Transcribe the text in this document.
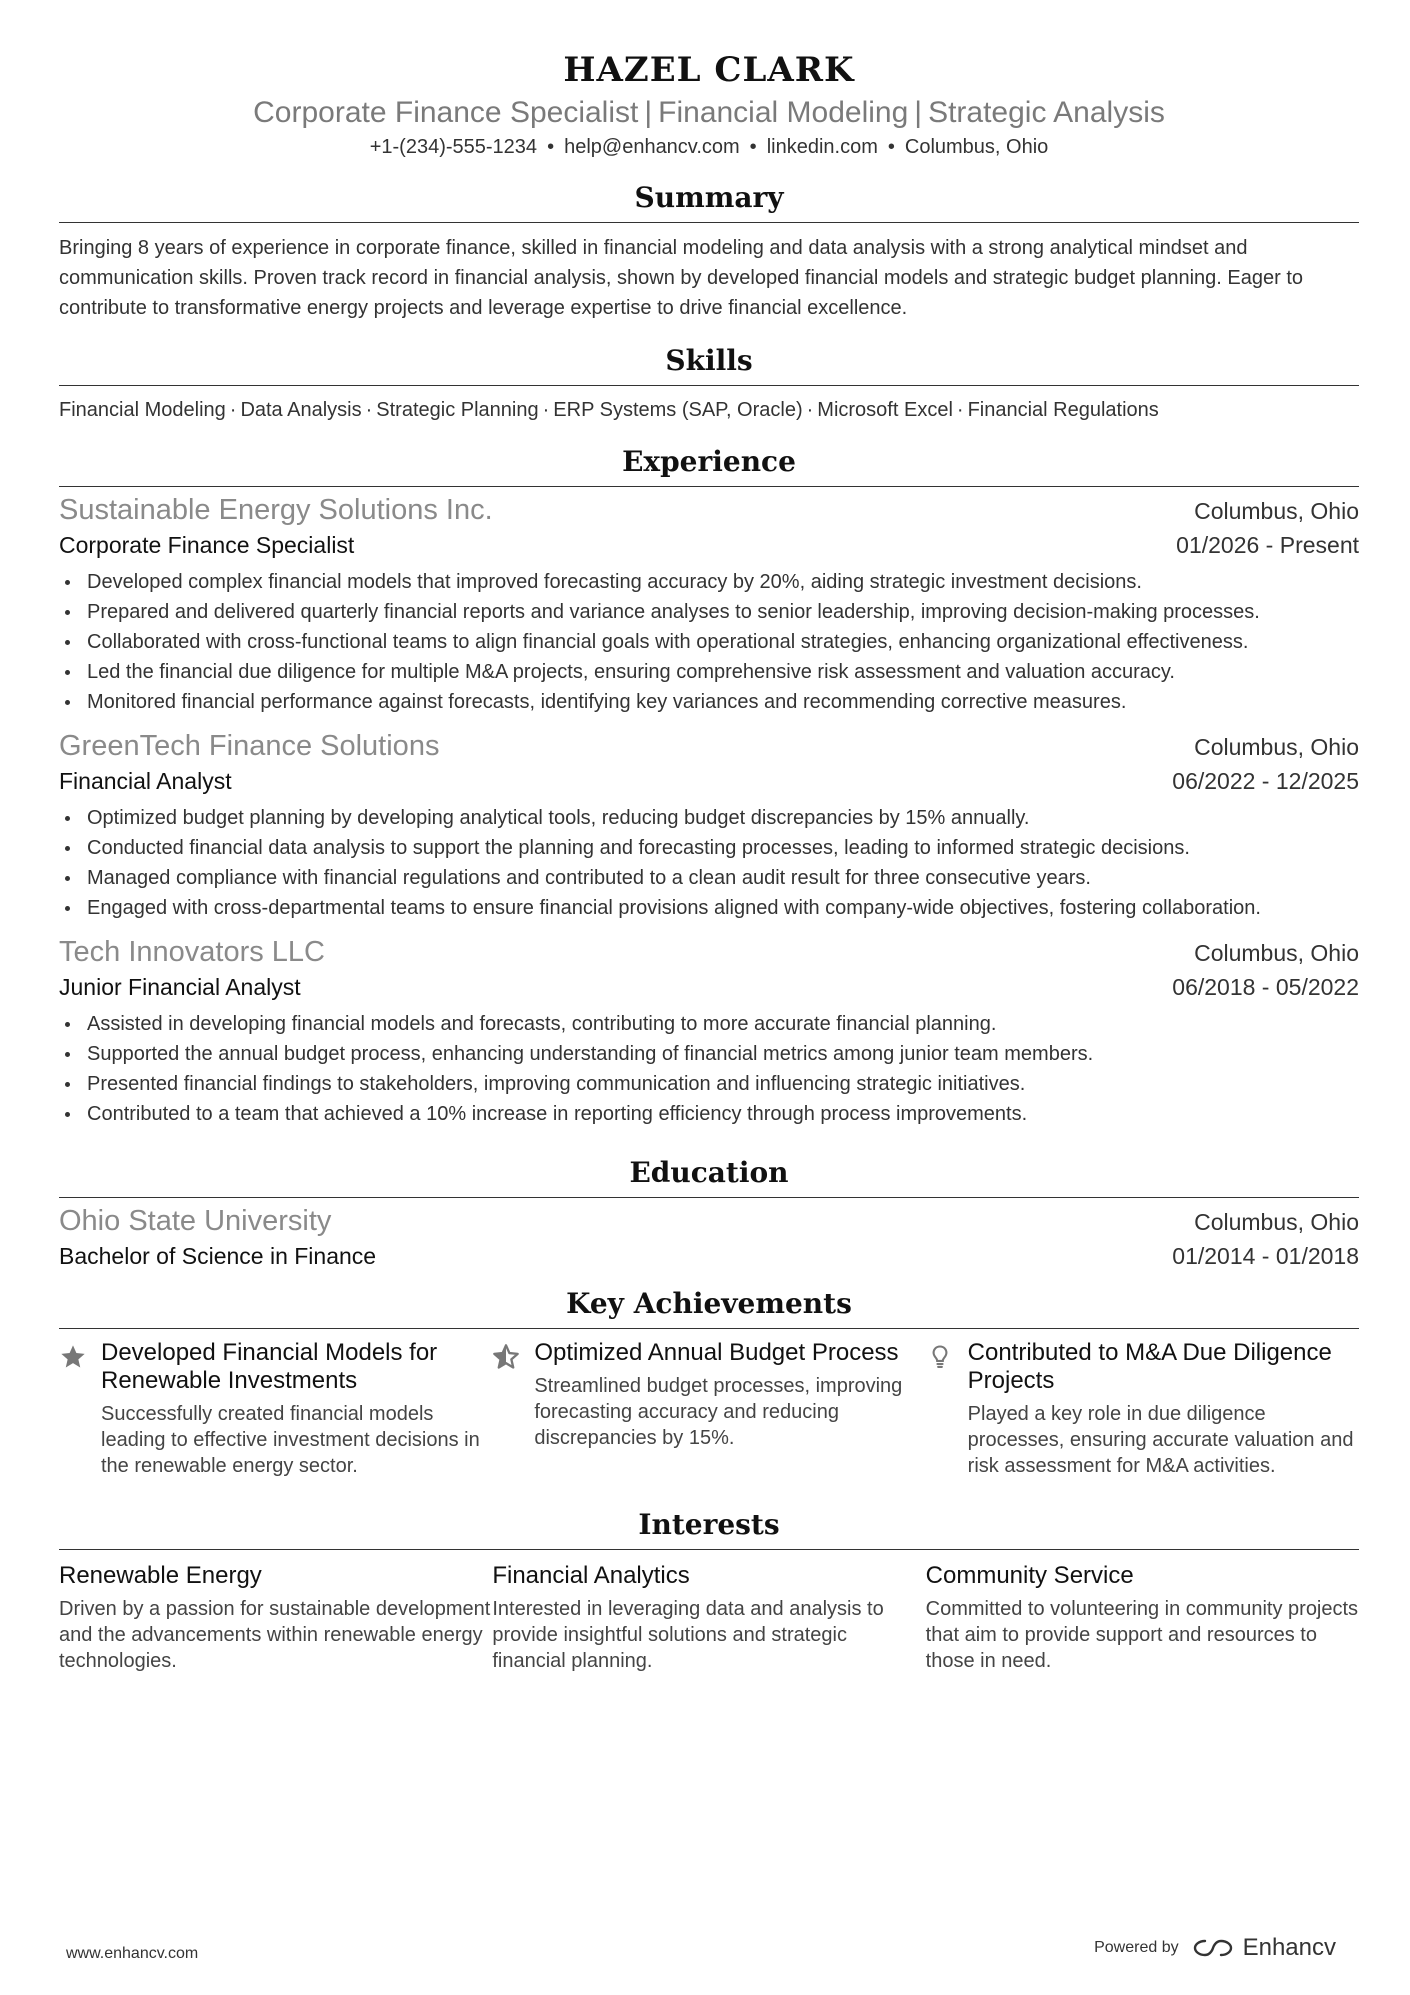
HAZEL CLARK
Corporate Finance Specialist | Financial Modeling | Strategic Analysis
+1-(234)-555-1234 • help@enhancv.com • linkedin.com • Columbus, Ohio
Summary
Bringing 8 years of experience in corporate finance, skilled in financial modeling and data analysis with a strong analytical mindset and communication skills. Proven track record in financial analysis, shown by developed financial models and strategic budget planning. Eager to contribute to transformative energy projects and leverage expertise to drive financial excellence.
Skills
Financial Modeling · Data Analysis · Strategic Planning · ERP Systems (SAP, Oracle) · Microsoft Excel · Financial Regulations
Experience
Sustainable Energy Solutions Inc.	Columbus, Ohio
Corporate Finance Specialist	01/2026 - Present
Developed complex financial models that improved forecasting accuracy by 20%, aiding strategic investment decisions.
Prepared and delivered quarterly financial reports and variance analyses to senior leadership, improving decision-making processes.
Collaborated with cross-functional teams to align financial goals with operational strategies, enhancing organizational effectiveness.
Led the financial due diligence for multiple M&A projects, ensuring comprehensive risk assessment and valuation accuracy.
Monitored financial performance against forecasts, identifying key variances and recommending corrective measures.
GreenTech Finance Solutions	Columbus, Ohio
Financial Analyst	06/2022 - 12/2025
Optimized budget planning by developing analytical tools, reducing budget discrepancies by 15% annually.
Conducted financial data analysis to support the planning and forecasting processes, leading to informed strategic decisions.
Managed compliance with financial regulations and contributed to a clean audit result for three consecutive years.
Engaged with cross-departmental teams to ensure financial provisions aligned with company-wide objectives, fostering collaboration.
Tech Innovators LLC	Columbus, Ohio
Junior Financial Analyst	06/2018 - 05/2022
Assisted in developing financial models and forecasts, contributing to more accurate financial planning.
Supported the annual budget process, enhancing understanding of financial metrics among junior team members.
Presented financial findings to stakeholders, improving communication and influencing strategic initiatives.
Contributed to a team that achieved a 10% increase in reporting efficiency through process improvements.
Education
Ohio State University	Columbus, Ohio
Bachelor of Science in Finance	01/2014 - 01/2018
Key Achievements
Developed Financial Models for Renewable Investments
Successfully created financial models leading to effective investment decisions in the renewable energy sector.
Optimized Annual Budget Process
Streamlined budget processes, improving forecasting accuracy and reducing discrepancies by 15%.
Contributed to M&A Due Diligence Projects
Played a key role in due diligence processes, ensuring accurate valuation and risk assessment for M&A activities.
Interests
Renewable Energy
Driven by a passion for sustainable development and the advancements within renewable energy technologies.
Financial Analytics
Interested in leveraging data and analysis to provide insightful solutions and strategic financial planning.
Community Service
Committed to volunteering in community projects that aim to provide support and resources to those in need.
www.enhancv.com	Powered by	Enhancv
